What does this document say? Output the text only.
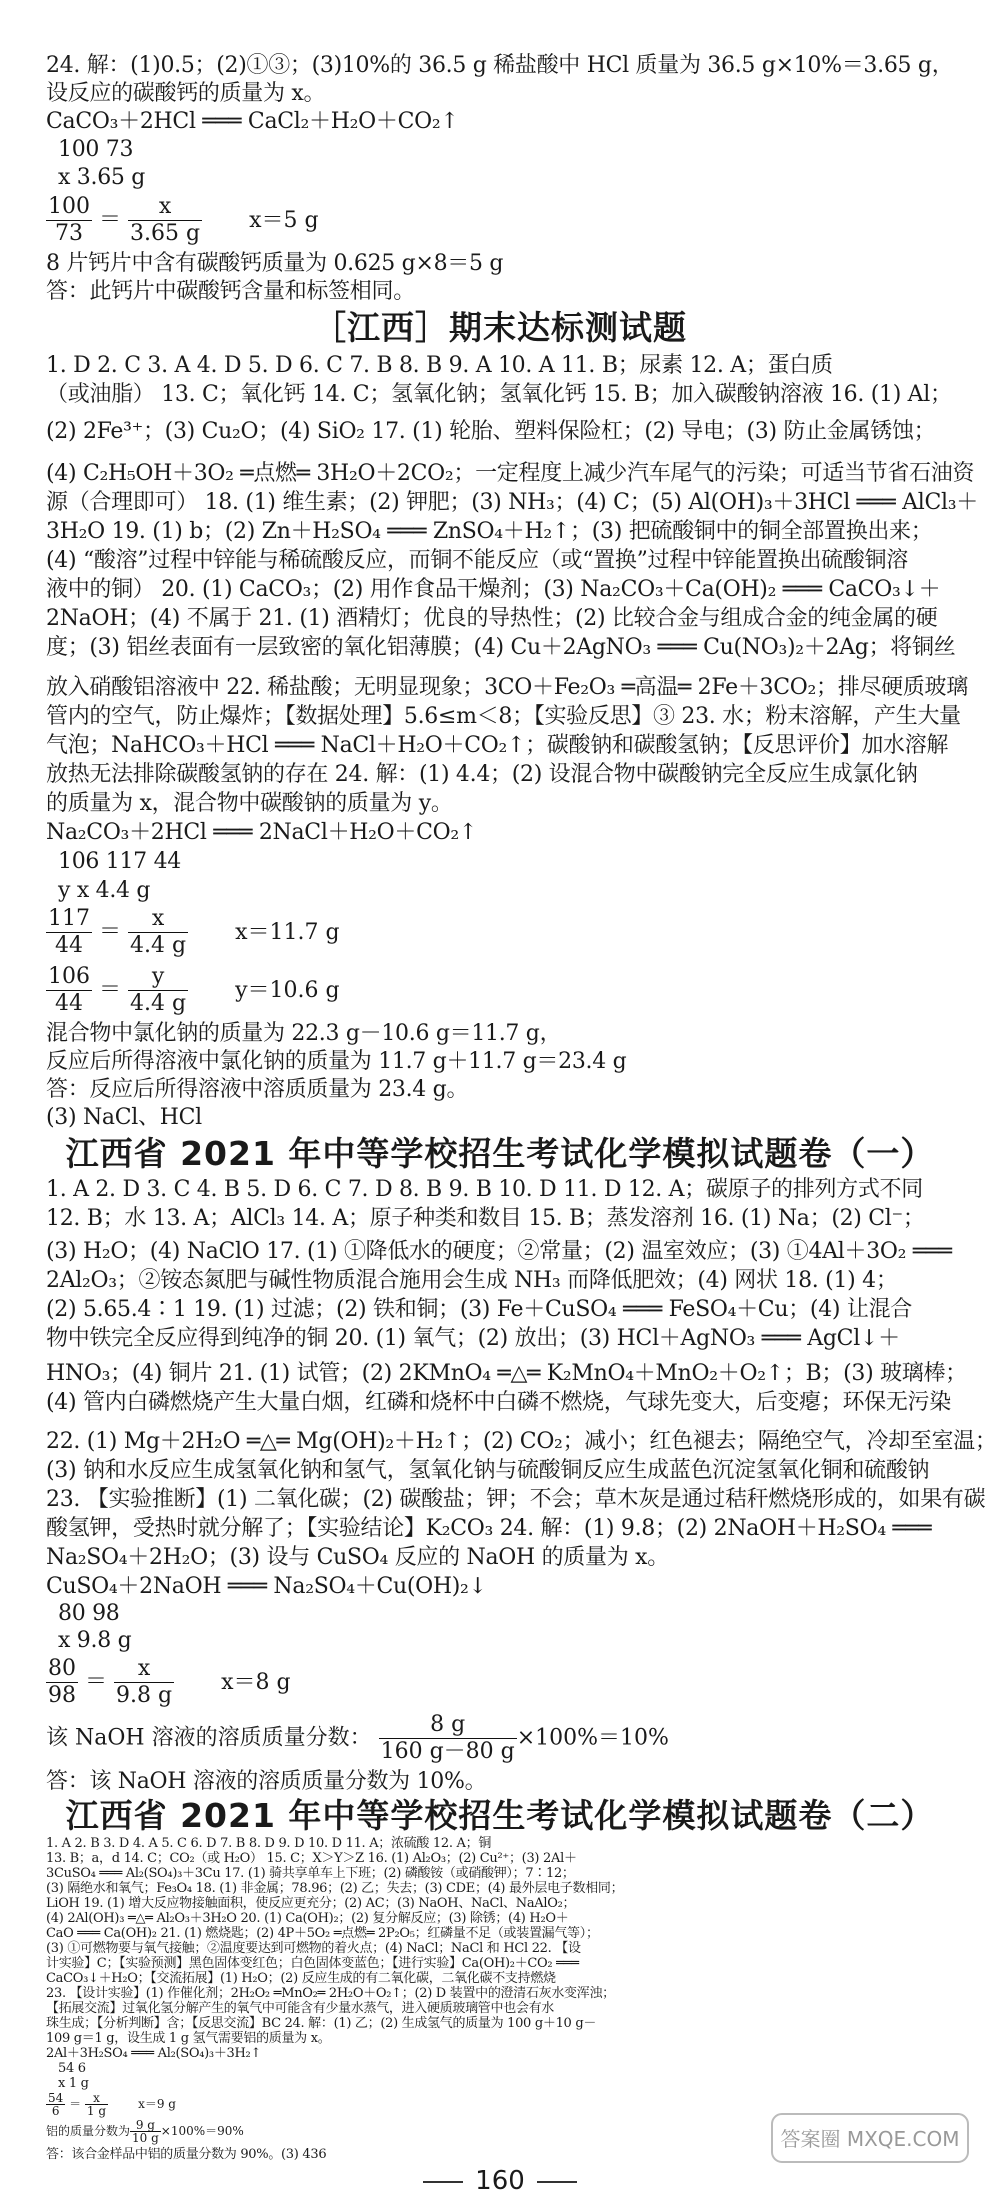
24. 解：(1)0.5；(2)①③；(3)10%的 36.5 g 稀盐酸中 HCl 质量为 36.5 g×10%＝3.65 g，
设反应的碳酸钙的质量为 x。
CaCO₃＋2HCl ═══ CaCl₂＋H₂O＋CO₂↑
100 73
x 3.65 g
$\frac{100}{73} = \frac{x}{3.65 g} x=5$ g
8 片钙片中含有碳酸钙质量为 0.625 g×8＝5 g
答：此钙片中碳酸钙含量和标签相同。
［江西］期末达标测试题
1. D 2. C 3. A 4. D 5. D 6. C 7. B 8. B 9. A 10. A 11. B；尿素 12. A；蛋白质
（或油脂） 13. C；氧化钙 14. C；氢氧化钠；氢氧化钙 15. B；加入碳酸钠溶液 16. (1) Al；
(2) 2Fe³⁺；(3) Cu₂O；(4) SiO₂ 17. (1) 轮胎、塑料保险杠；(2) 导电；(3) 防止金属锈蚀；
(4) C₂H₅OH＋3O₂ ═点燃═ 3H₂O＋2CO₂；一定程度上减少汽车尾气的污染；可适当节省石油资
源（合理即可） 18. (1) 维生素；(2) 钾肥；(3) NH₃；(4) C；(5) Al(OH)₃＋3HCl ═══ AlCl₃＋
3H₂O 19. (1) b；(2) Zn＋H₂SO₄ ═══ ZnSO₄＋H₂↑；(3) 把硫酸铜中的铜全部置换出来；
(4) “酸溶”过程中锌能与稀硫酸反应，而铜不能反应（或“置换”过程中锌能置换出硫酸铜溶
液中的铜） 20. (1) CaCO₃；(2) 用作食品干燥剂；(3) Na₂CO₃＋Ca(OH)₂ ═══ CaCO₃↓＋
2NaOH；(4) 不属于 21. (1) 酒精灯；优良的导热性；(2) 比较合金与组成合金的纯金属的硬
度；(3) 铝丝表面有一层致密的氧化铝薄膜；(4) Cu＋2AgNO₃ ═══ Cu(NO₃)₂＋2Ag；将铜丝
放入硝酸铝溶液中 22. 稀盐酸；无明显现象；3CO＋Fe₂O₃ ═高温═ 2Fe＋3CO₂；排尽硬质玻璃
管内的空气，防止爆炸；【数据处理】5.6≤m＜8；【实验反思】③ 23. 水；粉末溶解，产生大量
气泡；NaHCO₃＋HCl ═══ NaCl＋H₂O＋CO₂↑；碳酸钠和碳酸氢钠；【反思评价】加水溶解
放热无法排除碳酸氢钠的存在 24. 解：(1) 4.4；(2) 设混合物中碳酸钠完全反应生成氯化钠
的质量为 x，混合物中碳酸钠的质量为 y。
Na₂CO₃＋2HCl ═══ 2NaCl＋H₂O＋CO₂↑
106 117 44
y x 4.4 g
$\frac{117}{44} = \frac{x}{4.4 g} x=11.7$ g
$\frac{106}{44} = \frac{y}{4.4 g} y=10.6$ g
混合物中氯化钠的质量为 22.3 g－10.6 g＝11.7 g，
反应后所得溶液中氯化钠的质量为 11.7 g＋11.7 g＝23.4 g
答：反应后所得溶液中溶质质量为 23.4 g。
(3) NaCl、HCl
江西省 2021 年中等学校招生考试化学模拟试题卷（一）
1. A 2. D 3. C 4. B 5. D 6. C 7. D 8. B 9. B 10. D 11. D 12. A；碳原子的排列方式不同
12. B；水 13. A；AlCl₃ 14. A；原子种类和数目 15. B；蒸发溶剂 16. (1) Na；(2) Cl⁻；
(3) H₂O；(4) NaClO 17. (1) ①降低水的硬度；②常量；(2) 温室效应；(3) ①4Al＋3O₂ ═══
2Al₂O₃；②铵态氮肥与碱性物质混合施用会生成 NH₃ 而降低肥效；(4) 网状 18. (1) 4；
(2) 5.65.4∶1 19. (1) 过滤；(2) 铁和铜；(3) Fe＋CuSO₄ ═══ FeSO₄＋Cu；(4) 让混合
物中铁完全反应得到纯净的铜 20. (1) 氧气；(2) 放出；(3) HCl＋AgNO₃ ═══ AgCl↓＋
HNO₃；(4) 铜片 21. (1) 试管；(2) 2KMnO₄ ═△═ K₂MnO₄＋MnO₂＋O₂↑；B；(3) 玻璃棒；
(4) 管内白磷燃烧产生大量白烟，红磷和烧杯中白磷不燃烧，气球先变大，后变瘪；环保无污染
22. (1) Mg＋2H₂O ═△═ Mg(OH)₂＋H₂↑；(2) CO₂；减小；红色褪去；隔绝空气，冷却至室温；
(3) 钠和水反应生成氢氧化钠和氢气，氢氧化钠与硫酸铜反应生成蓝色沉淀氢氧化铜和硫酸钠
23. 【实验推断】(1) 二氧化碳；(2) 碳酸盐；钾；不会；草木灰是通过秸秆燃烧形成的，如果有碳
酸氢钾，受热时就分解了；【实验结论】K₂CO₃ 24. 解：(1) 9.8；(2) 2NaOH＋H₂SO₄ ═══
Na₂SO₄＋2H₂O；(3) 设与 CuSO₄ 反应的 NaOH 的质量为 x。
CuSO₄＋2NaOH ═══ Na₂SO₄＋Cu(OH)₂↓
80 98
x 9.8 g
$\frac{80}{98} = \frac{x}{9.8 g} x=8$ g
该 NaOH 溶液的溶质质量分数： $\frac{8 g}{160 g-80 g} \times 100\%=10\%$
答：该 NaOH 溶液的溶质质量分数为 10%。
江西省 2021 年中等学校招生考试化学模拟试题卷（二）
160
答案圈 MXQE.COM
1. A 2. B 3. D 4. A 5. C 6. D 7. B 8. D 9. D 10. D 11. A；浓硫酸 12. A；铜
13. B；a，d 14. C；CO₂（或 H₂O） 15. C；X＞Y＞Z 16. (1) Al₂O₃；(2) Cu²⁺；(3) 2Al＋
3CuSO₄ ═══ Al₂(SO₄)₃＋3Cu 17. (1) 骑共享单车上下班；(2) 磷酸铵（或硝酸钾）；7∶12；
(3) 隔绝水和氧气；Fe₃O₄ 18. (1) 非金属；78.96；(2) 乙；失去；(3) CDE；(4) 最外层电子数相同；
LiOH 19. (1) 增大反应物接触面积，使反应更充分；(2) AC；(3) NaOH、NaCl、NaAlO₂；
(4) 2Al(OH)₃ ═△═ Al₂O₃＋3H₂O 20. (1) Ca(OH)₂；(2) 复分解反应；(3) 除锈；(4) H₂O＋
CaO ═══ Ca(OH)₂ 21. (1) 燃烧匙；(2) 4P＋5O₂ ═点燃═ 2P₂O₅；红磷量不足（或装置漏气等）；
(3) ①可燃物要与氧气接触；②温度要达到可燃物的着火点；(4) NaCl；NaCl 和 HCl 22. 【设
计实验】C；【实验预测】黑色固体变红色；白色固体变蓝色；【进行实验】Ca(OH)₂＋CO₂ ═══
CaCO₃↓＋H₂O；【交流拓展】(1) H₂O；(2) 反应生成的有二氧化碳，二氧化碳不支持燃烧
23. 【设计实验】(1) 作催化剂；2H₂O₂ ═MnO₂═ 2H₂O＋O₂↑；(2) D 装置中的澄清石灰水变浑浊；
【拓展交流】过氧化氢分解产生的氧气中可能含有少量水蒸气，进入硬质玻璃管中也会有水
珠生成；【分析判断】含；【反思交流】BC 24. 解：(1) 乙；(2) 生成氢气的质量为 100 g＋10 g－
109 g＝1 g，设生成 1 g 氢气需要铝的质量为 x。
2Al＋3H₂SO₄ ═══ Al₂(SO₄)₃＋3H₂↑
54 6
x 1 g
$\frac{54}{6} = \frac{x}{1 g}$	x＝9 g
铝的质量分数为 $\frac{9 g}{10 g} \times 100\%=90\%$
答：该合金样品中铝的质量分数为 90%。(3) 436
